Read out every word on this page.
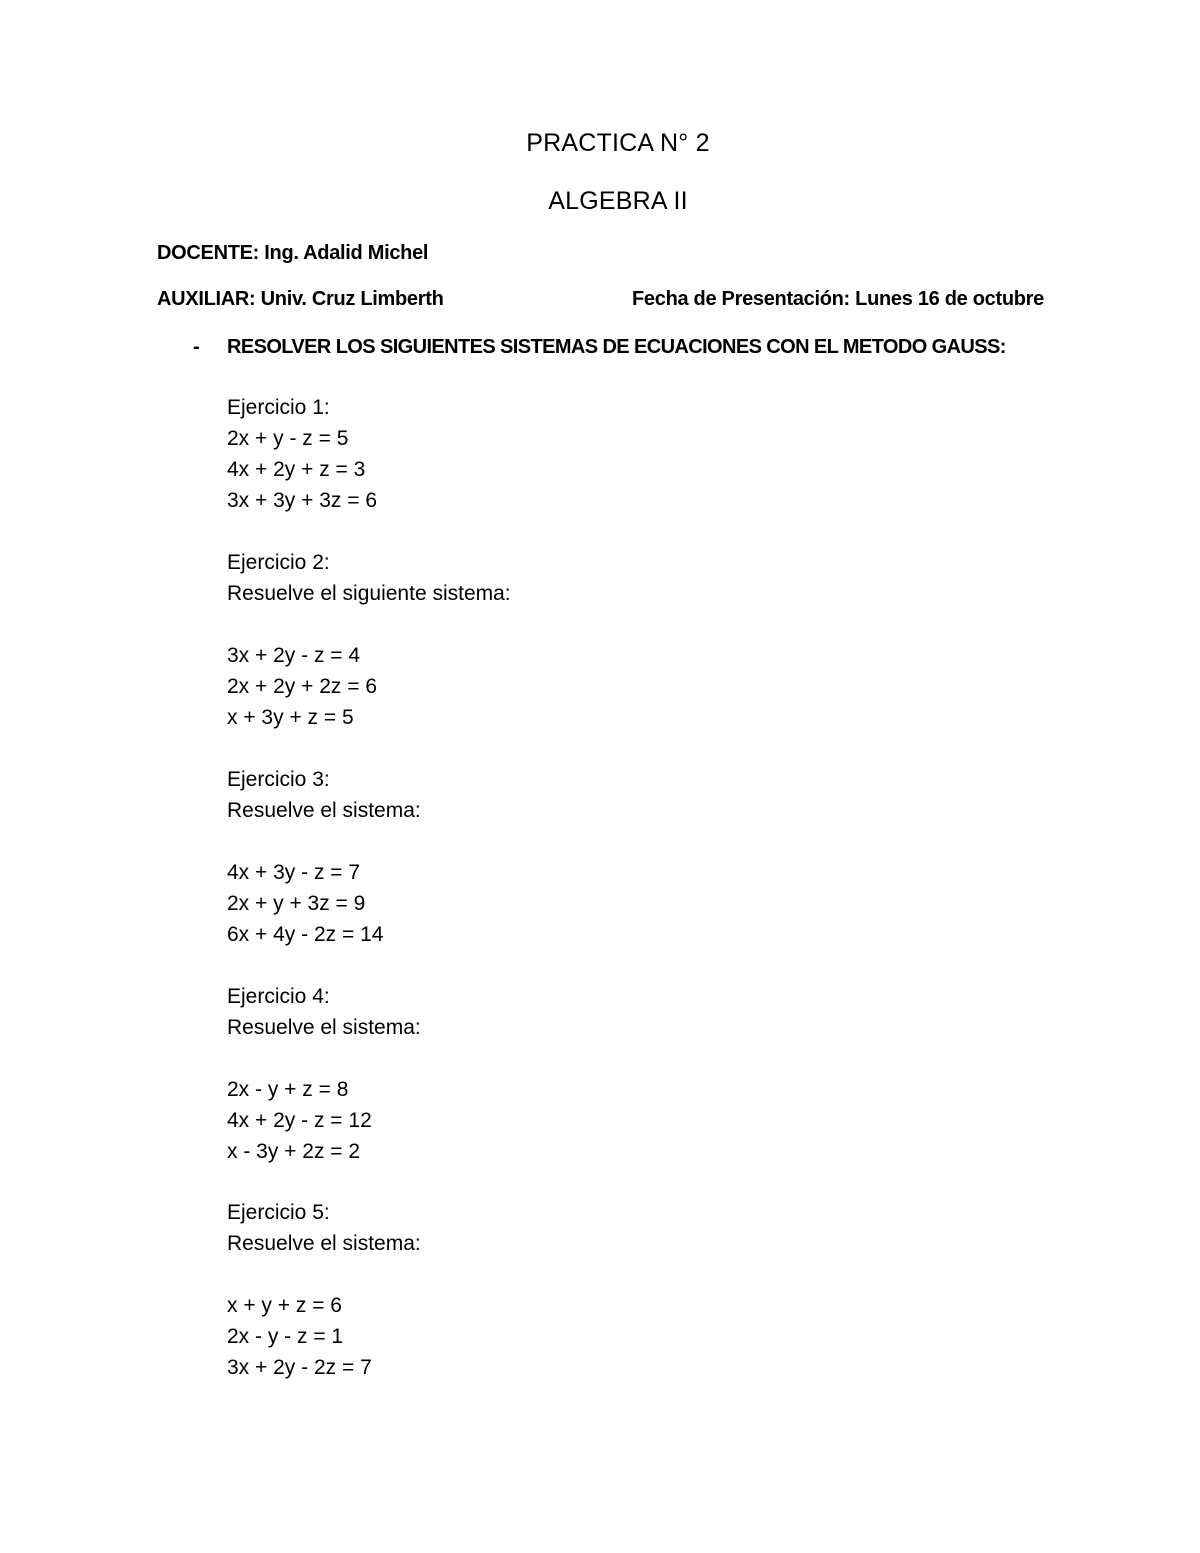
PRACTICA N° 2
ALGEBRA II
DOCENTE: Ing. Adalid Michel
AUXILIAR: Univ. Cruz Limberth	Fecha de Presentación: Lunes 16 de octubre
- RESOLVER LOS SIGUIENTES SISTEMAS DE ECUACIONES CON EL METODO GAUSS:
Ejercicio 1:
2x + y - z = 5
4x + 2y + z = 3
3x + 3y + 3z = 6
Ejercicio 2:
Resuelve el siguiente sistema:
3x + 2y - z = 4
2x + 2y + 2z = 6
x + 3y + z = 5
Ejercicio 3:
Resuelve el sistema:
4x + 3y - z = 7
2x + y + 3z = 9
6x + 4y - 2z = 14
Ejercicio 4:
Resuelve el sistema:
2x - y + z = 8
4x + 2y - z = 12
x - 3y + 2z = 2
Ejercicio 5:
Resuelve el sistema:
x + y + z = 6
2x - y - z = 1
3x + 2y - 2z = 7
